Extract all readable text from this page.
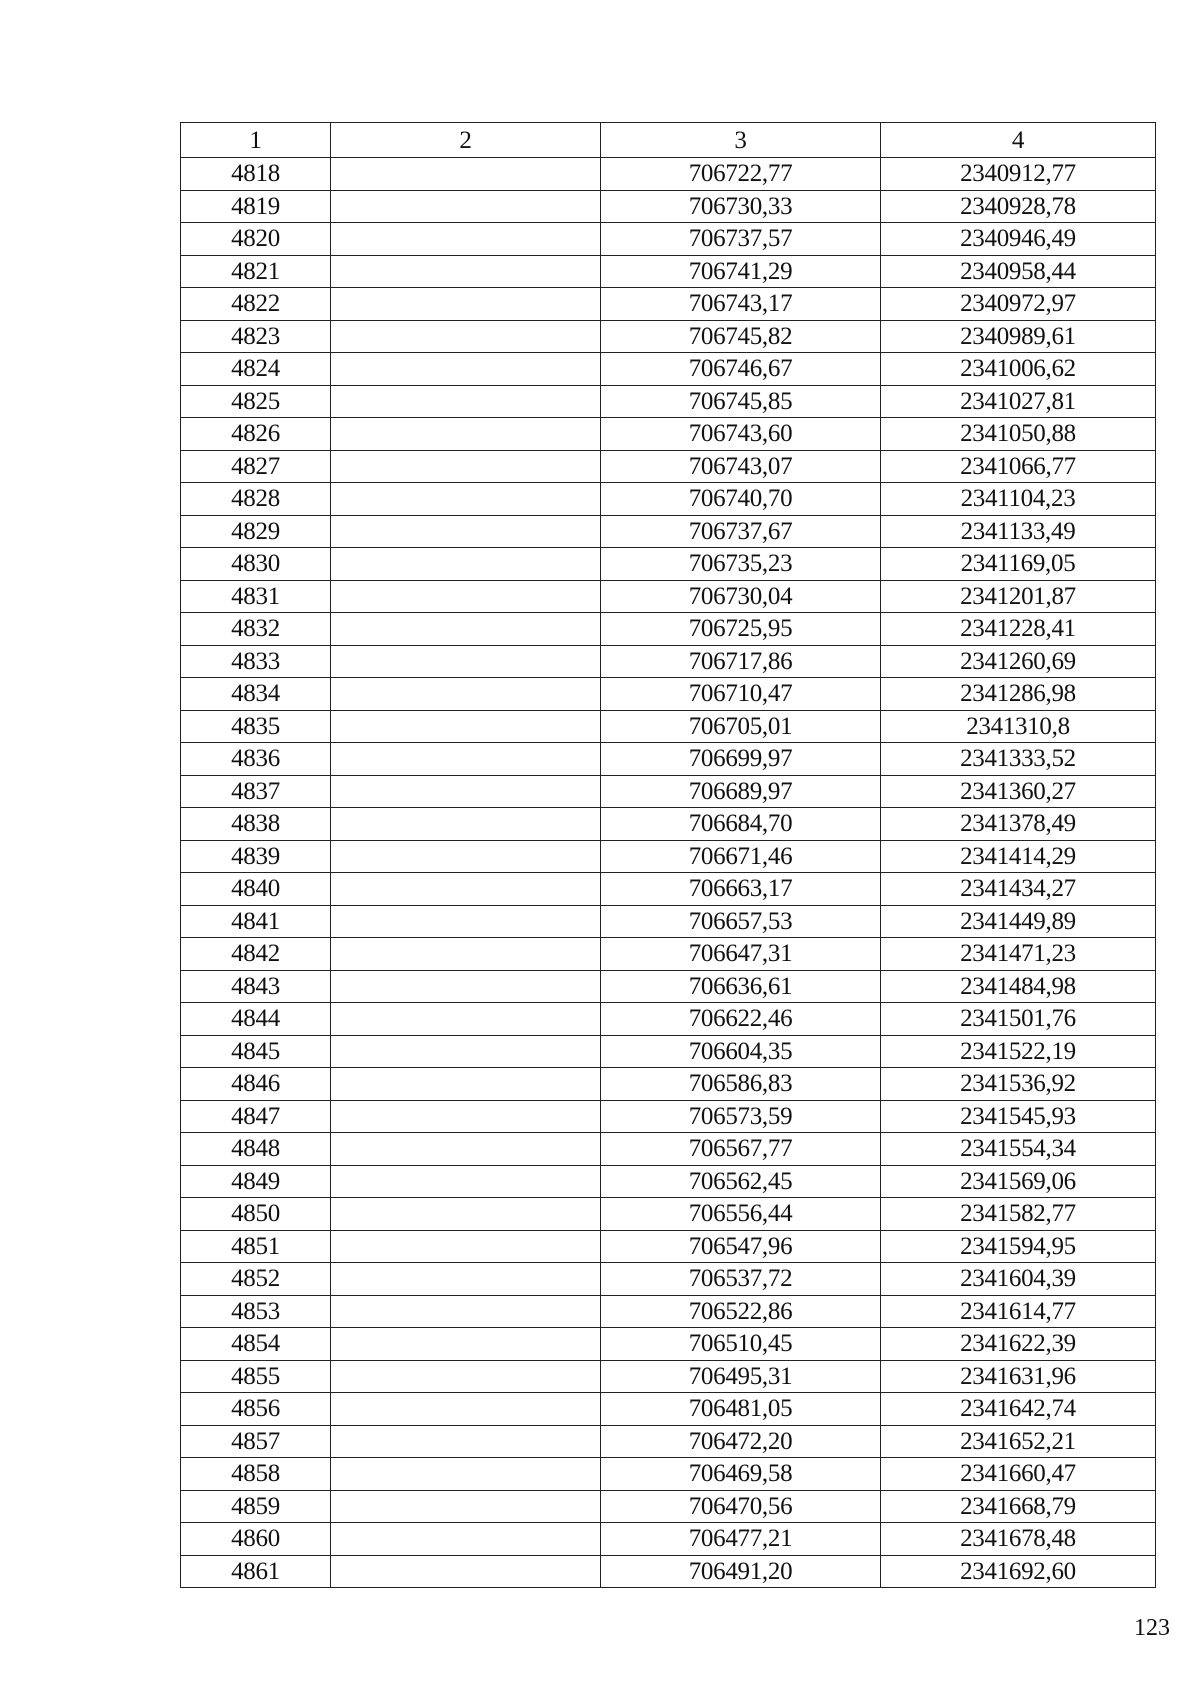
1	2	3	4
4818		706722,77	2340912,77
4819		706730,33	2340928,78
4820		706737,57	2340946,49
4821		706741,29	2340958,44
4822		706743,17	2340972,97
4823		706745,82	2340989,61
4824		706746,67	2341006,62
4825		706745,85	2341027,81
4826		706743,60	2341050,88
4827		706743,07	2341066,77
4828		706740,70	2341104,23
4829		706737,67	2341133,49
4830		706735,23	2341169,05
4831		706730,04	2341201,87
4832		706725,95	2341228,41
4833		706717,86	2341260,69
4834		706710,47	2341286,98
4835		706705,01	2341310,8
4836		706699,97	2341333,52
4837		706689,97	2341360,27
4838		706684,70	2341378,49
4839		706671,46	2341414,29
4840		706663,17	2341434,27
4841		706657,53	2341449,89
4842		706647,31	2341471,23
4843		706636,61	2341484,98
4844		706622,46	2341501,76
4845		706604,35	2341522,19
4846		706586,83	2341536,92
4847		706573,59	2341545,93
4848		706567,77	2341554,34
4849		706562,45	2341569,06
4850		706556,44	2341582,77
4851		706547,96	2341594,95
4852		706537,72	2341604,39
4853		706522,86	2341614,77
4854		706510,45	2341622,39
4855		706495,31	2341631,96
4856		706481,05	2341642,74
4857		706472,20	2341652,21
4858		706469,58	2341660,47
4859		706470,56	2341668,79
4860		706477,21	2341678,48
4861		706491,20	2341692,60
123
